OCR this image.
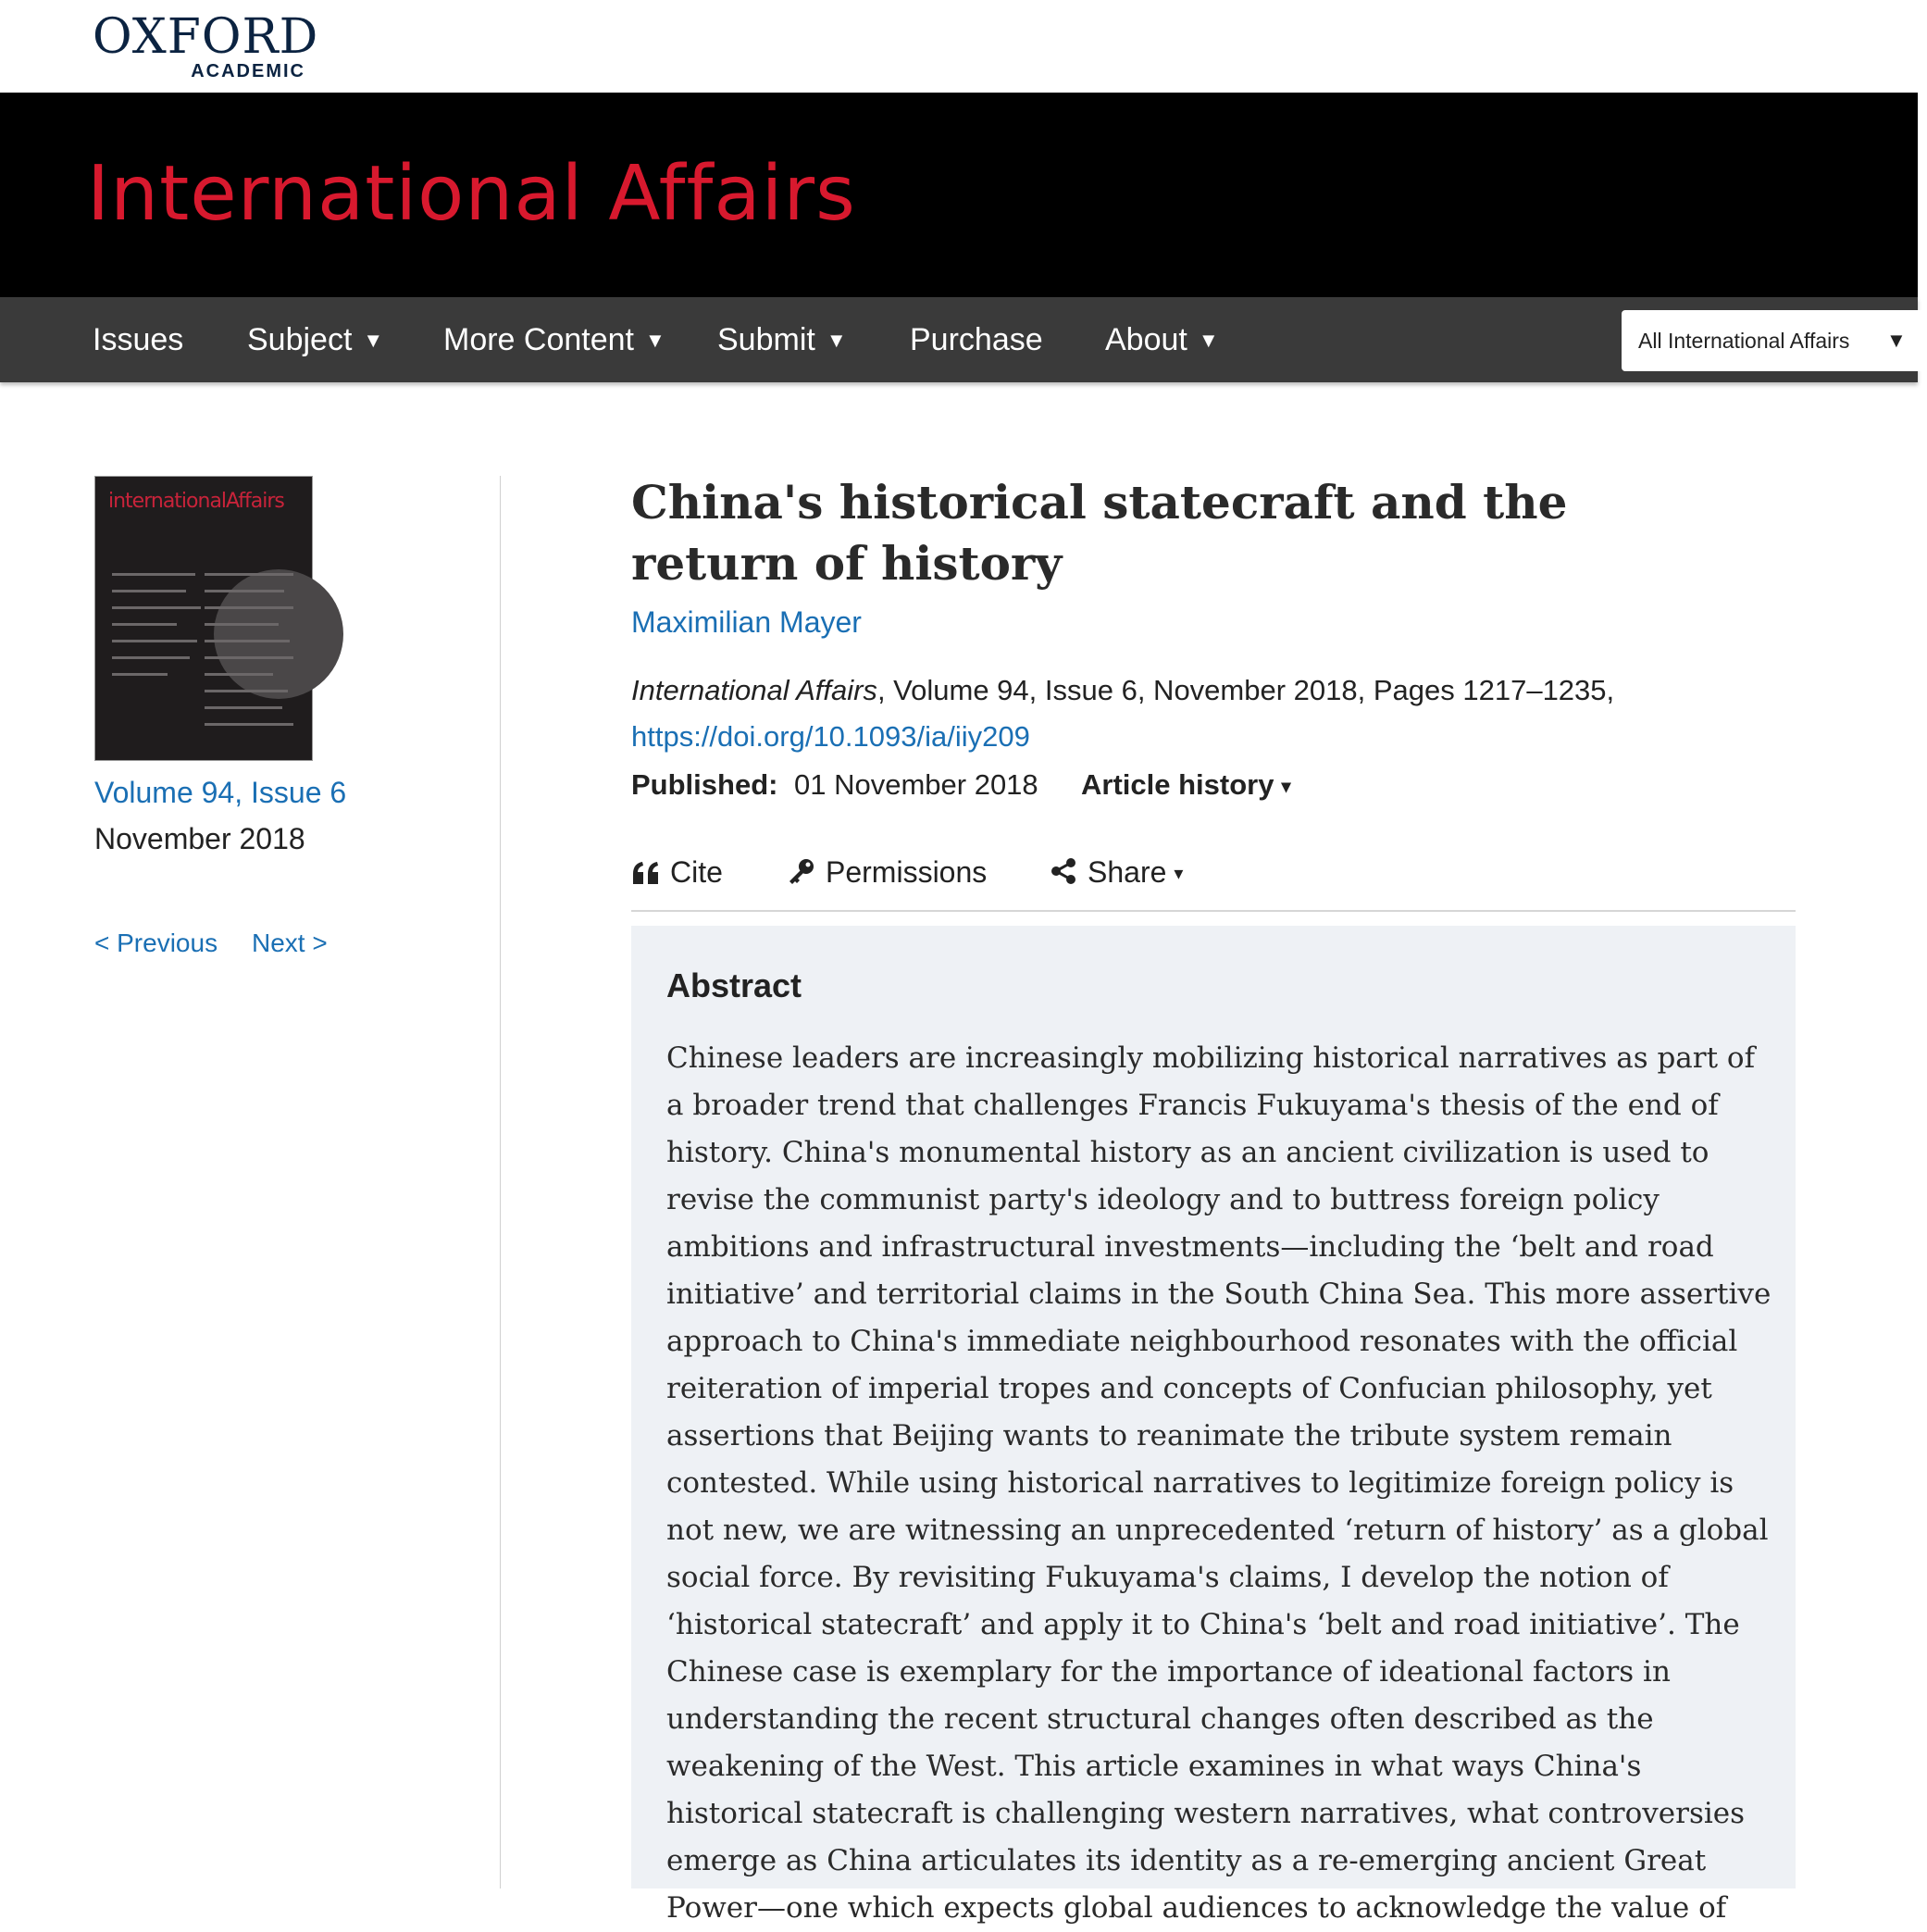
OXFORD
ACADEMIC
International Affairs
Issues Subject ▼ More Content ▼ Submit ▼ Purchase About ▼	All International Affairs ▼
internationalAffairs
Volume 94, Issue 6
November 2018
< Previous Next >
China's historical statecraft and the return of history
Maximilian Mayer
International Affairs, Volume 94, Issue 6, November 2018, Pages 1217–1235,
https://doi.org/10.1093/ia/iiy209
Published: 01 November 2018 Article history ▾
Cite	Permissions	Share ▾
Abstract

Chinese leaders are increasingly mobilizing historical narratives as part of a broader trend that challenges Francis Fukuyama's thesis of the end of history. China's monumental history as an ancient civilization is used to revise the communist party's ideology and to buttress foreign policy ambitions and infrastructural investments—including the ‘belt and road initiative’ and territorial claims in the South China Sea. This more assertive approach to China's immediate neighbourhood resonates with the official reiteration of imperial tropes and concepts of Confucian philosophy, yet assertions that Beijing wants to reanimate the tribute system remain contested. While using historical narratives to legitimize foreign policy is not new, we are witnessing an unprecedented ‘return of history’ as a global social force. By revisiting Fukuyama's claims, I develop the notion of ‘historical statecraft’ and apply it to China's ‘belt and road initiative’. The Chinese case is exemplary for the importance of ideational factors in understanding the recent structural changes often described as the weakening of the West. This article examines in what ways China's historical statecraft is challenging western narratives, what controversies emerge as China articulates its identity as a re-emerging ancient Great Power—one which expects global audiences to acknowledge the value of
